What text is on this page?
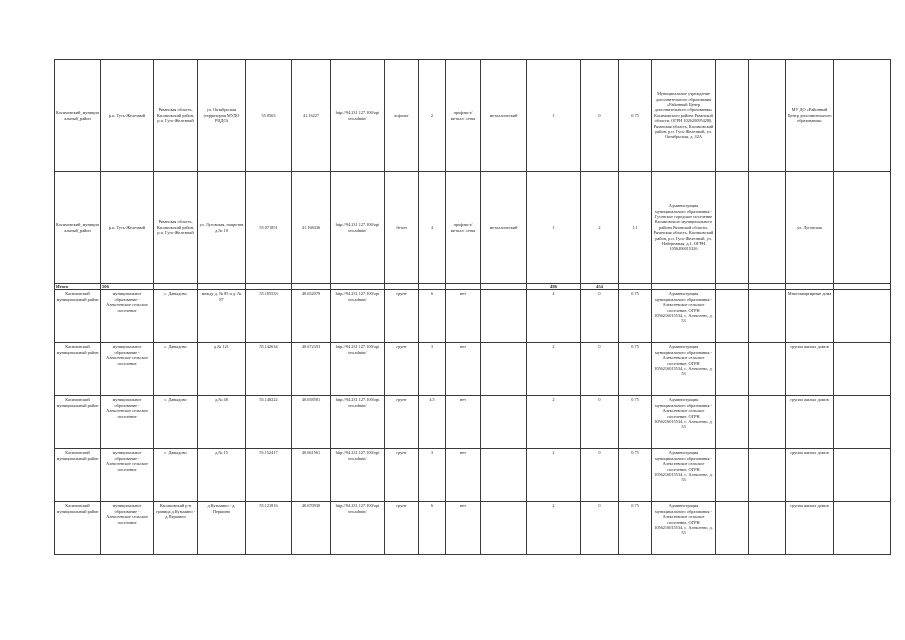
Касимовский_муниципальный_район	р.п. Гусь-Железный	Рязанская область, Касимовский район, р.п. Гусь-Железный	ул. Октябрьская (территория МУДО РЦДО)	55.0563	41.16227	http://94.231.127.100/opi ten.admin/	асфальт	2	профлист/металл. сетка	металлический	1	0	0.75	Муниципальное учреждение дополнительного образования «Районный Центр дополнительного образования» Касимовского района Рязанской области, ОГРН 1026200954280, Рязанская область, Касимовский район, р.п. Гусь-Железный, ул. Октябрьская, д. 42А			МУ ДО «Районный Центр дополнительного образования»	
Касимовский_муниципальный_район	р.п. Гусь-Железный	Рязанская область, Касимовский район, р.п. Гусь-Железный	ул. Луговская, напротив д.№ 10	55.071851	41.168436	http://94.231.127.100/opi ten.admin/	бетон	4	профлист/металл. сетка	металлический	1	2	1.1	Администрация муниципального образования - Гусевское городское поселение Касимовского муниципального района Рязанской области, Рязанская область, Касимовский район, р.п. Гусь-Железный, ул. Набережная, д.1, ОГРН 1056206015326			ул. Луговская	
Итого	506										486	454						
Касимовский муниципальный район	муниципальное образование - Алексеевское сельское поселение	с. Давыдово	между д. № 85 и д. № 87	55.185533	40.652079	http://94.231.127.100/opi ten.admin/	грунт	6	нет		4	0	0.75	Администрация муниципального образования - Алексеевское сельское поселение, ОГРН 1056216015534, с. Алексеево, д. 53			Многоквартирные дома	
Касимовский муниципальный район	муниципальное образование - Алексеевское сельское поселение	с. Давыдово	д.№ 121	55.142634	40.672353	http://94.231.127.100/opi ten.admin/	грунт	3	нет		2	0	0.75	Администрация муниципального образования - Алексеевское сельское поселение, ОГРН 1056216015534, с. Алексеево, д. 53			группа жилых домов	
Касимовский муниципальный район	муниципальное образование - Алексеевское сельское поселение	с. Давыдово	д.№ 48	55.148222	40.658581	http://94.231.127.100/opi ten.admin/	грунт	4.5	нет		2	0	0.75	Администрация муниципального образования - Алексеевское сельское поселение, ОГРН 1056216015534, с. Алексеево, д. 53			группа жилых домов	
Касимовский муниципальный район	муниципальное образование - Алексеевское сельское поселение	с. Давыдово	д.№ 15	55.152417	40.661561	http://94.231.127.100/opi ten.admin/	грунт	3	нет		2	0	0.75	Администрация муниципального образования - Алексеевское сельское поселение, ОГРН 1056216015534, с. Алексеево, д. 53			группа жилых домов	
Касимовский муниципальный район	муниципальное образование - Алексеевское сельское поселение	Касимовский р-н граница д.Кузьмино - д.Першино	д.Кузьмино - д. Першино	55.121816	40.670930	http://94.231.127.100/opi ten.admin/	грунт	6	нет		2	0	0.75	Администрация муниципального образования - Алексеевское сельское поселение, ОГРН 1056216015534, с. Алексеево, д. 53			группа жилых домов	
